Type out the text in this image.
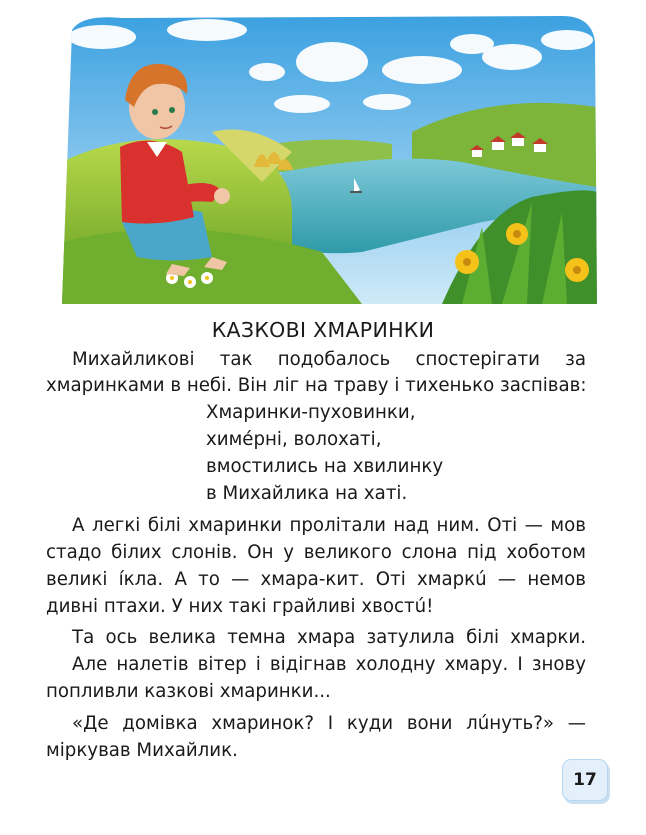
КАЗКОВІ ХМАРИНКИ
Михайликові так подобалось спостерігати за
хмаринками в небі. Він ліг на траву і тихенько заспівав:
Хмаринки-пуховинки,
химе́рні, волохаті,
вмостились на хвилинку
в Михайлика на хаті.
А легкі білі хмаринки пролітали над ним. Оті — мов
стадо білих слонів. Он у великого слона під хоботом
великі і́кла. А то — хмара-кит. Оті хмаркú — немов
дивні птахи. У них такі грайливі хвостú!
Та ось велика темна хмара затулила білі хмарки.
Але налетів вітер і відігнав холодну хмару. І знову
попливли казкові хмаринки...
«Де домівка хмаринок? І куди вони лúнуть?» —
міркував Михайлик.
17
